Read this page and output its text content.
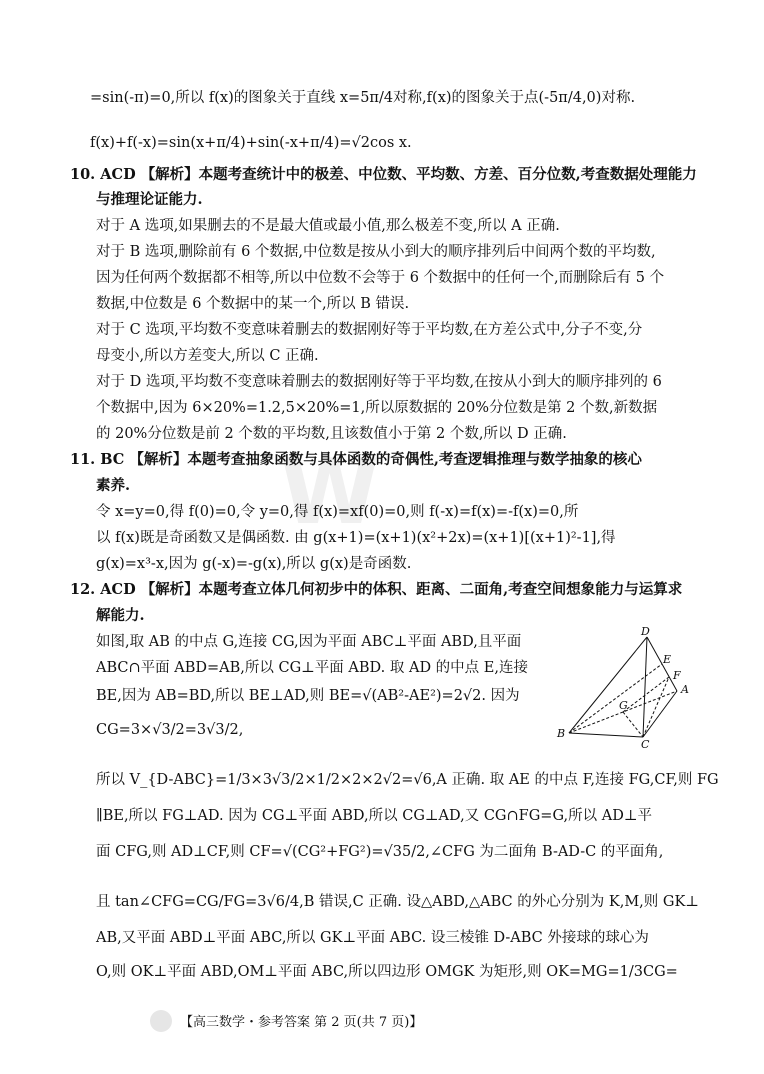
W
=sin(-π)=0,所以 f(x)的图象关于直线 x=5π/4对称,f(x)的图象关于点(-5π/4,0)对称.
f(x)+f(-x)=sin(x+π/4)+sin(-x+π/4)=√2cos x.
10. ACD 【解析】本题考查统计中的极差、中位数、平均数、方差、百分位数,考查数据处理能力
与推理论证能力.
对于 A 选项,如果删去的不是最大值或最小值,那么极差不变,所以 A 正确.
对于 B 选项,删除前有 6 个数据,中位数是按从小到大的顺序排列后中间两个数的平均数,
因为任何两个数据都不相等,所以中位数不会等于 6 个数据中的任何一个,而删除后有 5 个
数据,中位数是 6 个数据中的某一个,所以 B 错误.
对于 C 选项,平均数不变意味着删去的数据刚好等于平均数,在方差公式中,分子不变,分
母变小,所以方差变大,所以 C 正确.
对于 D 选项,平均数不变意味着删去的数据刚好等于平均数,在按从小到大的顺序排列的 6
个数据中,因为 6×20%=1.2,5×20%=1,所以原数据的 20%分位数是第 2 个数,新数据
的 20%分位数是前 2 个数的平均数,且该数值小于第 2 个数,所以 D 正确.
11. BC 【解析】本题考查抽象函数与具体函数的奇偶性,考查逻辑推理与数学抽象的核心
素养.
令 x=y=0,得 f(0)=0,令 y=0,得 f(x)=xf(0)=0,则 f(-x)=f(x)=-f(x)=0,所
以 f(x)既是奇函数又是偶函数. 由 g(x+1)=(x+1)(x²+2x)=(x+1)[(x+1)²-1],得
g(x)=x³-x,因为 g(-x)=-g(x),所以 g(x)是奇函数.
12. ACD 【解析】本题考查立体几何初步中的体积、距离、二面角,考查空间想象能力与运算求
解能力.
如图,取 AB 的中点 G,连接 CG,因为平面 ABC⊥平面 ABD,且平面
ABC∩平面 ABD=AB,所以 CG⊥平面 ABD. 取 AD 的中点 E,连接
BE,因为 AB=BD,所以 BE⊥AD,则 BE=√(AB²-AE²)=2√2. 因为
CG=3×√3/2=3√3/2,
D
E
F
A
G
B
C
所以 V_{D-ABC}=1/3×3√3/2×1/2×2×2√2=√6,A 正确. 取 AE 的中点 F,连接 FG,CF,则 FG
∥BE,所以 FG⊥AD. 因为 CG⊥平面 ABD,所以 CG⊥AD,又 CG∩FG=G,所以 AD⊥平
面 CFG,则 AD⊥CF,则 CF=√(CG²+FG²)=√35/2,∠CFG 为二面角 B-AD-C 的平面角,
且 tan∠CFG=CG/FG=3√6/4,B 错误,C 正确. 设△ABD,△ABC 的外心分别为 K,M,则 GK⊥
AB,又平面 ABD⊥平面 ABC,所以 GK⊥平面 ABC. 设三棱锥 D-ABC 外接球的球心为
O,则 OK⊥平面 ABD,OM⊥平面 ABC,所以四边形 OMGK 为矩形,则 OK=MG=1/3CG=
【高三数学・参考答案 第 2 页(共 7 页)】
